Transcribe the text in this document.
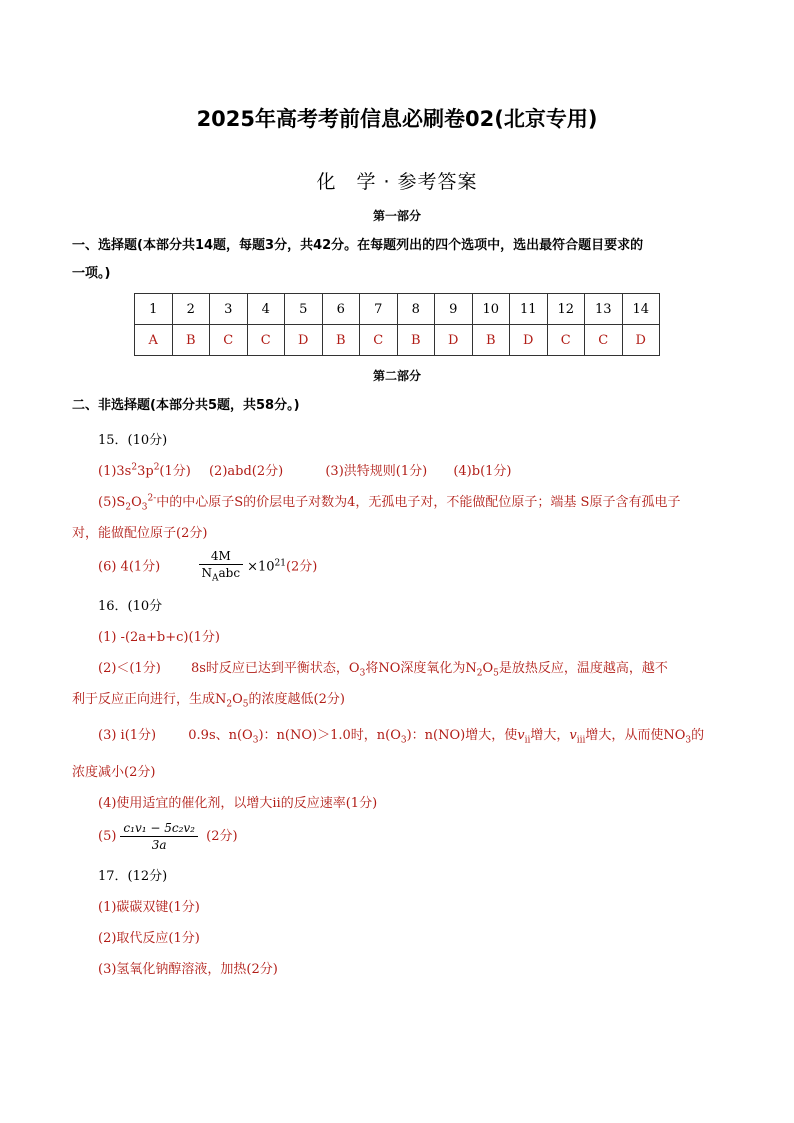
2025年高考考前信息必刷卷02(北京专用)
化　学 · 参考答案
第一部分
一、选择题(本部分共14题，每题3分，共42分。在每题列出的四个选项中，选出最符合题目要求的
一项。)
1	2	3	4	5	6	7	8	9	10	11	12	13	14
A	B	C	C	D	B	C	B	D	B	D	C	C	D
第二部分
二、非选择题(本部分共5题，共58分。)
15．(10分)
$(1)3s^23p^2(1$分) (2)abd(2分)	(3)洪特规则(1分) (4)b(1分)
$(5)S_2O_3^{2-}$中的中心原子S的价层电子对数为4，无孤电子对，不能做配位原子；端基 S原子含有孤电子
对，能做配位原子(2分)
(6) 4(1分)	$\frac{4M}{N_Aabc} \times 10^{21}(2$分)
16．(10分
(1) -(2a+b+c)(1分)
(2)＜(1分) 8s时反应已达到平衡状态，$O_3$将NO深度氧化为$N_2O_5$是放热反应，温度越高，越不
利于反应正向进行，生成$N_2O_5$的浓度越低(2分)
(3) ⅰ(1分) 0.9s、$n(O_3)$：n(NO)＞1.0时，$n(O_3)$：n(NO)增大，使$v_{ii}$增大，$v_{iii}$增大，从而使$NO_3$的
浓度减小(2分)
(4)使用适宜的催化剂，以增大ⅱ的反应速率(1分)
$(5) \frac{\text{c₁v₁ − 5c₂v₂}}{3a} (2$分)
17．(12分)
(1)碳碳双键(1分)
(2)取代反应(1分)
(3)氢氧化钠醇溶液，加热(2分)
